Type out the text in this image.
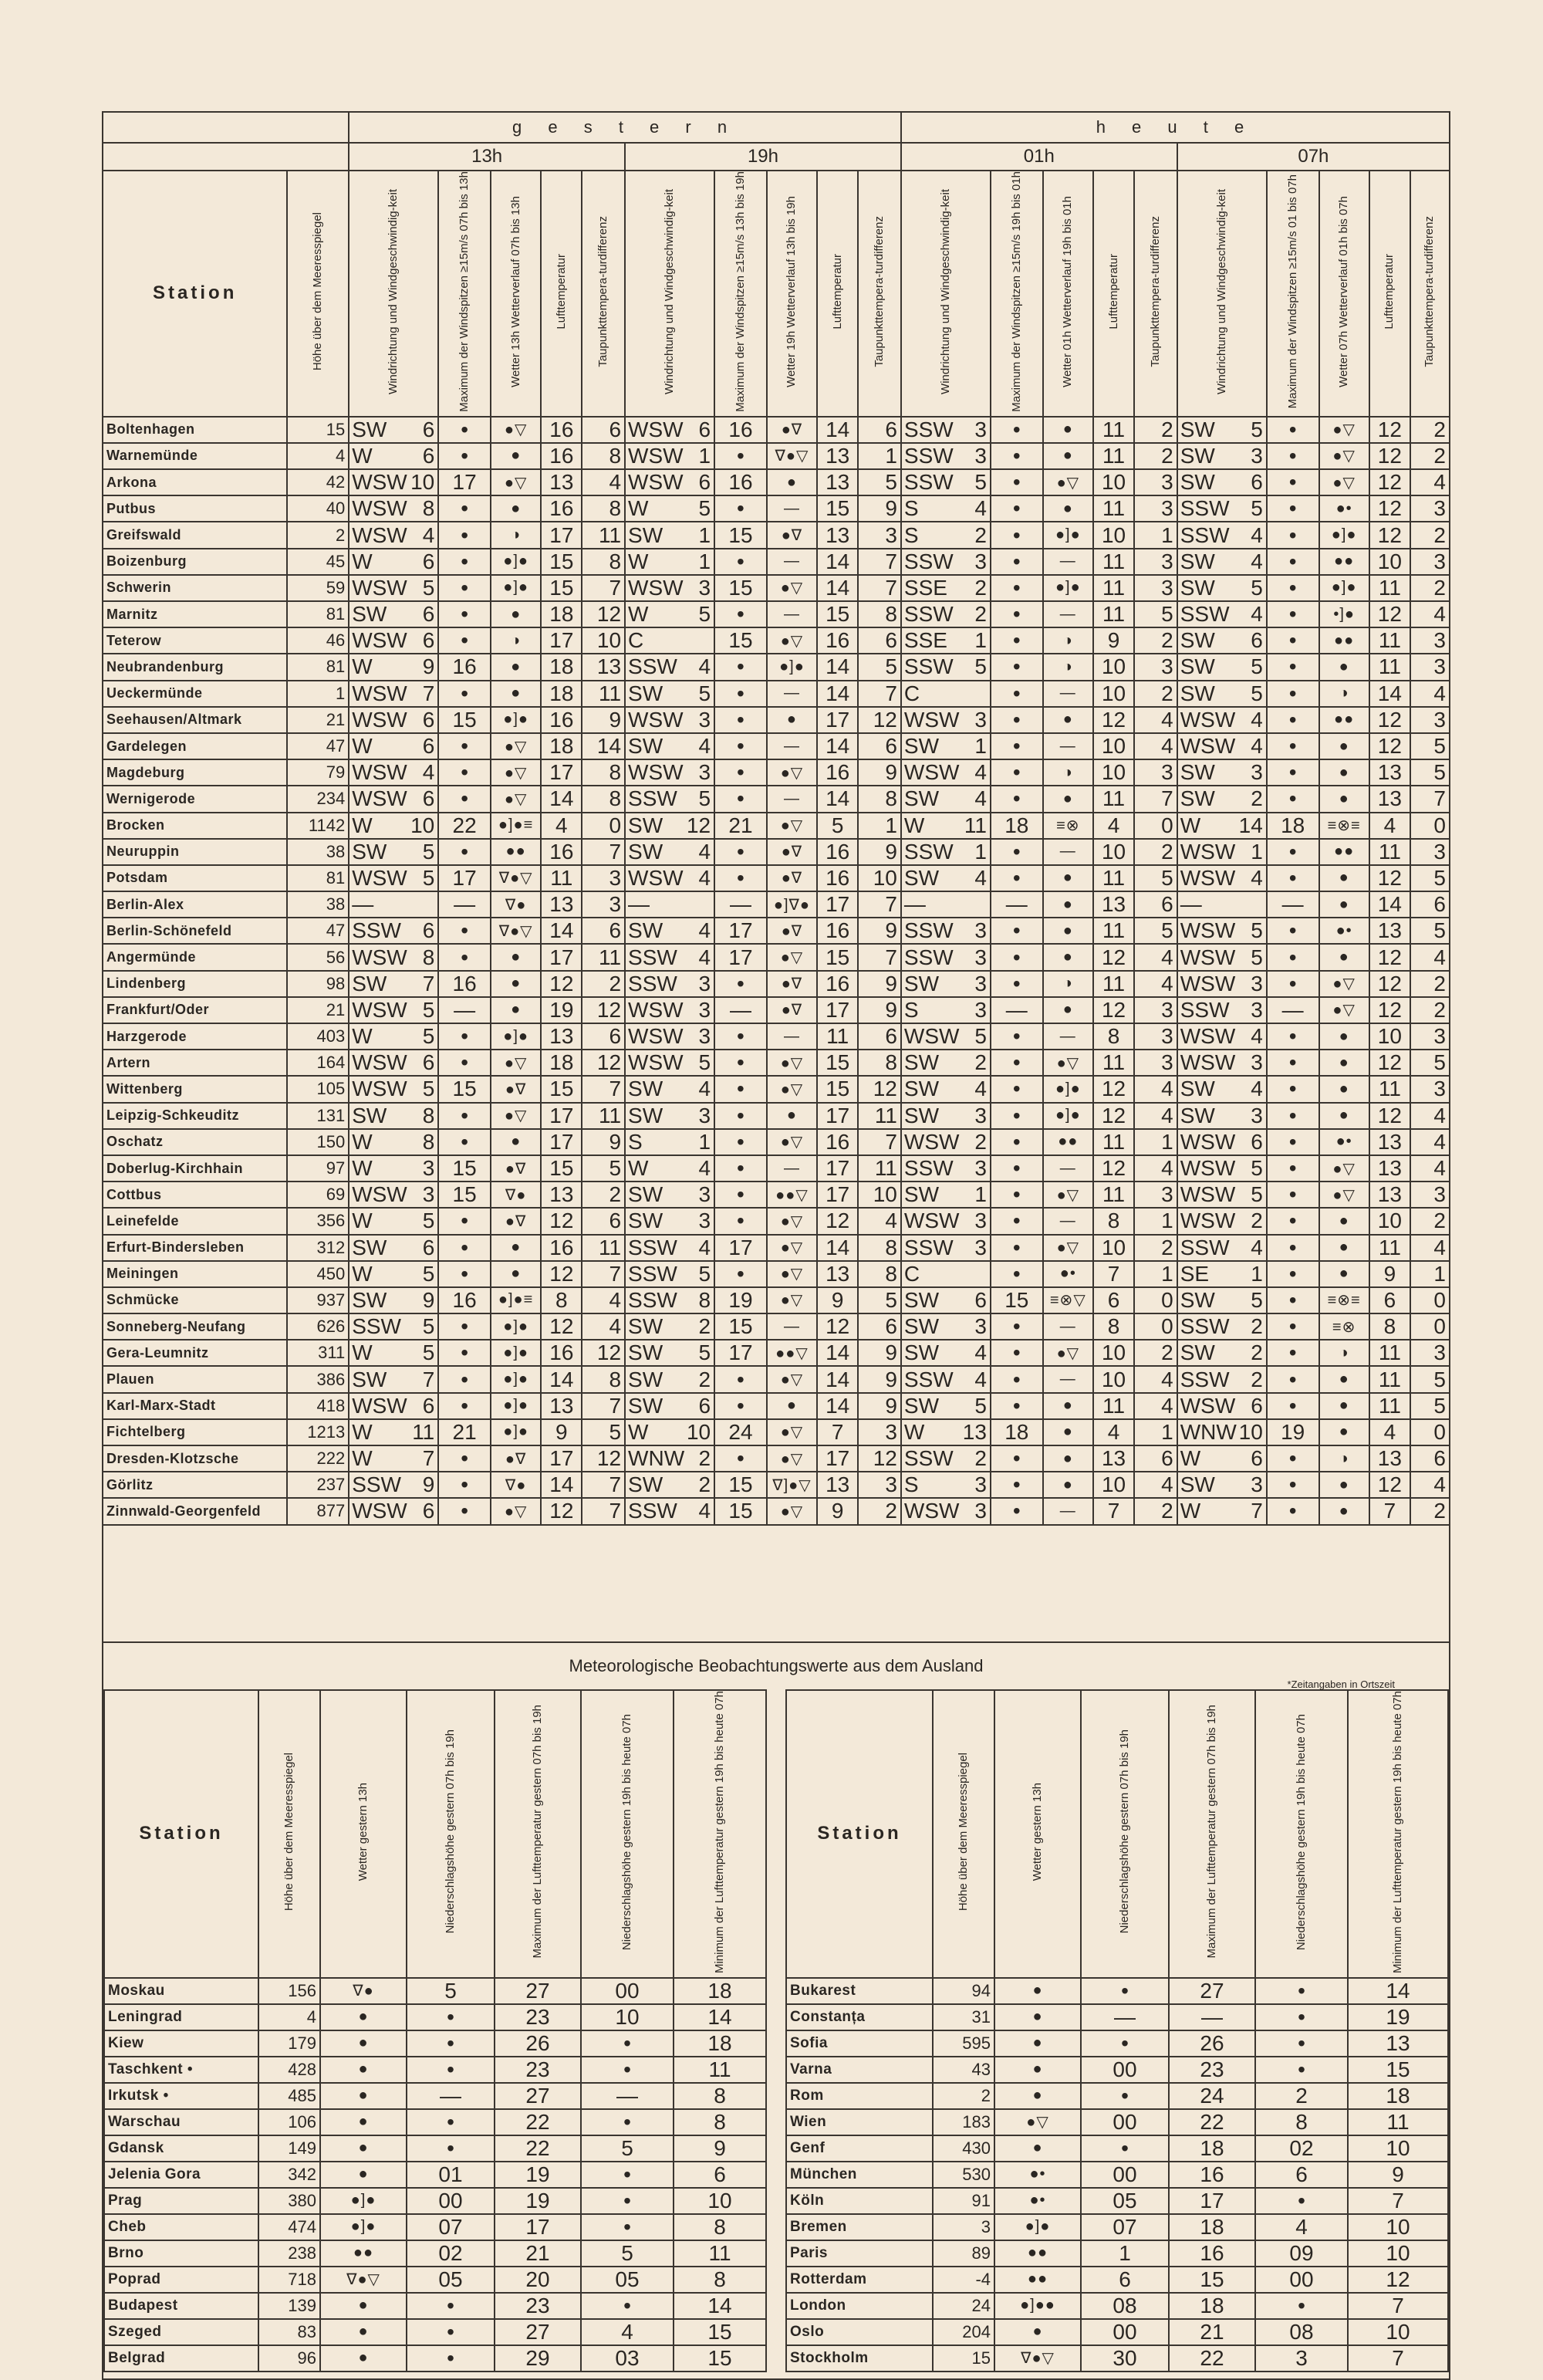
		g e s t e r n										h e u t e									
		13h					19h					01h					07h				
Station	Höhe über dem Meeresspiegel	Windrichtung und Windgeschwindig-keit	Maximum der Windspitzen ≥15m/s 07h bis 13h	Wetter 13h Wetterverlauf 07h bis 13h	Lufttemperatur	Taupunkttempera-turdifferenz	Windrichtung und Windgeschwindig-keit	Maximum der Windspitzen ≥15m/s 13h bis 19h	Wetter 19h Wetterverlauf 13h bis 19h	Lufttemperatur	Taupunkttempera-turdifferenz	Windrichtung und Windgeschwindig-keit	Maximum der Windspitzen ≥15m/s 19h bis 01h	Wetter 01h Wetterverlauf 19h bis 01h	Lufttemperatur	Taupunkttempera-turdifferenz	Windrichtung und Windgeschwindig-keit	Maximum der Windspitzen ≥15m/s 01 bis 07h	Wetter 07h Wetterverlauf 01h bis 07h	Lufttemperatur	Taupunkttempera-turdifferenz
Boltenhagen	15	SW 6	•	●▽	16	6	WSW 6	16	●∇	14	6	SSW 3	•	●	11	2	SW 5	•	●▽	12	2
Warnemünde	4	W 6	•	●	16	8	WSW 1	•	∇●▽	13	1	SSW 3	•	●	11	2	SW 3	•	●▽	12	2
Arkona	42	WSW 10	17	●▽	13	4	WSW 6	16	●	13	5	SSW 5	•	●▽	10	3	SW 6	•	●▽	12	4
Putbus	40	WSW 8	•	●	16	8	W 5	•	—	15	9	S 4	•	●	11	3	SSW 5	•	●•	12	3
Greifswald	2	WSW 4	•	◑	17	11	SW 1	15	●∇	13	3	S 2	•	●]●	10	1	SSW 4	•	●]●	12	2
Boizenburg	45	W 6	•	●]●	15	8	W 1	•	—	14	7	SSW 3	•	—	11	3	SW 4	•	●●	10	3
Schwerin	59	WSW 5	•	●]●	15	7	WSW 3	15	●▽	14	7	SSE 2	•	●]●	11	3	SW 5	•	●]●	11	2
Marnitz	81	SW 6	•	●	18	12	W 5	•	—	15	8	SSW 2	•	—	11	5	SSW 4	•	•]●	12	4
Teterow	46	WSW 6	•	◑	17	10	C	15	●▽	16	6	SSE 1	•	◑	9	2	SW 6	•	●●	11	3
Neubrandenburg	81	W 9	16	●	18	13	SSW 4	•	●]●	14	5	SSW 5	•	◑	10	3	SW 5	•	●	11	3
Ueckermünde	1	WSW 7	•	●	18	11	SW 5	•	—	14	7	C	•	—	10	2	SW 5	•	◑	14	4
Seehausen/Altmark	21	WSW 6	15	●]●	16	9	WSW 3	•	●	17	12	WSW 3	•	●	12	4	WSW 4	•	●●	12	3
Gardelegen	47	W 6	•	●▽	18	14	SW 4	•	—	14	6	SW 1	•	—	10	4	WSW 4	•	●	12	5
Magdeburg	79	WSW 4	•	●▽	17	8	WSW 3	•	●▽	16	9	WSW 4	•	◑	10	3	SW 3	•	●	13	5
Wernigerode	234	WSW 6	•	●▽	14	8	SSW 5	•	—	14	8	SW 4	•	●	11	7	SW 2	•	●	13	7
Brocken	1142	W 10	22	●]●≡	4	0	SW 12	21	●▽	5	1	W 11	18	≡⊗	4	0	W 14	18	≡⊗≡	4	0
Neuruppin	38	SW 5	•	●●	16	7	SW 4	•	●∇	16	9	SSW 1	•	—	10	2	WSW 1	•	●●	11	3
Potsdam	81	WSW 5	17	∇●▽	11	3	WSW 4	•	●∇	16	10	SW 4	•	●	11	5	WSW 4	•	●	12	5
Berlin-Alex	38	—	—	∇●	13	3	—	—	●]∇●	17	7	—	—	●	13	6	—	—	●	14	6
Berlin-Schönefeld	47	SSW 6	•	∇●▽	14	6	SW 4	17	●∇	16	9	SSW 3	•	●	11	5	WSW 5	•	●•	13	5
Angermünde	56	WSW 8	•	●	17	11	SSW 4	17	●▽	15	7	SSW 3	•	●	12	4	WSW 5	•	●	12	4
Lindenberg	98	SW 7	16	●	12	2	SSW 3	•	●∇	16	9	SW 3	•	◑	11	4	WSW 3	•	●▽	12	2
Frankfurt/Oder	21	WSW 5	—	●	19	12	WSW 3	—	●∇	17	9	S 3	—	●	12	3	SSW 3	—	●▽	12	2
Harzgerode	403	W 5	•	●]●	13	6	WSW 3	•	—	11	6	WSW 5	•	—	8	3	WSW 4	•	●	10	3
Artern	164	WSW 6	•	●▽	18	12	WSW 5	•	●▽	15	8	SW 2	•	●▽	11	3	WSW 3	•	●	12	5
Wittenberg	105	WSW 5	15	●∇	15	7	SW 4	•	●▽	15	12	SW 4	•	●]●	12	4	SW 4	•	●	11	3
Leipzig-Schkeuditz	131	SW 8	•	●▽	17	11	SW 3	•	●	17	11	SW 3	•	●]●	12	4	SW 3	•	●	12	4
Oschatz	150	W 8	•	●	17	9	S 1	•	●▽	16	7	WSW 2	•	●●	11	1	WSW 6	•	●•	13	4
Doberlug-Kirchhain	97	W 3	15	●∇	15	5	W 4	•	—	17	11	SSW 3	•	—	12	4	WSW 5	•	●▽	13	4
Cottbus	69	WSW 3	15	∇●	13	2	SW 3	•	●●▽	17	10	SW 1	•	●▽	11	3	WSW 5	•	●▽	13	3
Leinefelde	356	W 5	•	●∇	12	6	SW 3	•	●▽	12	4	WSW 3	•	—	8	1	WSW 2	•	●	10	2
Erfurt-Bindersleben	312	SW 6	•	●	16	11	SSW 4	17	●▽	14	8	SSW 3	•	●▽	10	2	SSW 4	•	●	11	4
Meiningen	450	W 5	•	●	12	7	SSW 5	•	●▽	13	8	C	•	●•	7	1	SE 1	•	●	9	1
Schmücke	937	SW 9	16	●]●≡	8	4	SSW 8	19	●▽	9	5	SW 6	15	≡⊗▽	6	0	SW 5	•	≡⊗≡	6	0
Sonneberg-Neufang	626	SSW 5	•	●]●	12	4	SW 2	15	—	12	6	SW 3	•	—	8	0	SSW 2	•	≡⊗	8	0
Gera-Leumnitz	311	W 5	•	●]●	16	12	SW 5	17	●●▽	14	9	SW 4	•	●▽	10	2	SW 2	•	◑	11	3
Plauen	386	SW 7	•	●]●	14	8	SW 2	•	●▽	14	9	SSW 4	•	—	10	4	SSW 2	•	●	11	5
Karl-Marx-Stadt	418	WSW 6	•	●]●	13	7	SW 6	•	●	14	9	SW 5	•	●	11	4	WSW 6	•	●	11	5
Fichtelberg	1213	W 11	21	●]●	9	5	W 10	24	●▽	7	3	W 13	18	●	4	1	WNW 10	19	●	4	0
Dresden-Klotzsche	222	W 7	•	●∇	17	12	WNW 2	•	●▽	17	12	SSW 2	•	●	13	6	W 6	•	◑	13	6
Görlitz	237	SSW 9	•	∇●	14	7	SW 2	15	∇]●▽	13	3	S 3	•	●	10	4	SW 3	•	●	12	4
Zinnwald-Georgenfeld	877	WSW 6	•	●▽	12	7	SSW 4	15	●▽	9	2	WSW 3	•	—	7	2	W 7	•	●	7	2
Meteorologische Beobachtungswerte aus dem Ausland
*Zeitangaben in Ortszeit
Station	Höhe über dem Meeresspiegel	Wetter gestern 13h	Niederschlagshöhe gestern 07h bis 19h	Maximum der Lufttemperatur gestern 07h bis 19h	Niederschlagshöhe gestern 19h bis heute 07h	Minimum der Lufttemperatur gestern 19h bis heute 07h
Moskau	156	∇●	5	27	00	18
Leningrad	4	●	•	23	10	14
Kiew	179	●	•	26	•	18
Taschkent •	428	●	•	23	•	11
Irkutsk •	485	●	—	27	—	8
Warschau	106	●	•	22	•	8
Gdansk	149	●	•	22	5	9
Jelenia Gora	342	●	01	19	•	6
Prag	380	●]●	00	19	•	10
Cheb	474	●]●	07	17	•	8
Brno	238	●●	02	21	5	11
Poprad	718	∇●▽	05	20	05	8
Budapest	139	●	•	23	•	14
Szeged	83	●	•	27	4	15
Belgrad	96	●	•	29	03	15
Station	Höhe über dem Meeresspiegel	Wetter gestern 13h	Niederschlagshöhe gestern 07h bis 19h	Maximum der Lufttemperatur gestern 07h bis 19h	Niederschlagshöhe gestern 19h bis heute 07h	Minimum der Lufttemperatur gestern 19h bis heute 07h
Bukarest	94	●	•	27	•	14
Constanța	31	●	—	—	•	19
Sofia	595	●	•	26	•	13
Varna	43	●	00	23	•	15
Rom	2	●	•	24	2	18
Wien	183	●▽	00	22	8	11
Genf	430	●	•	18	02	10
München	530	●•	00	16	6	9
Köln	91	●•	05	17	•	7
Bremen	3	●]●	07	18	4	10
Paris	89	●●	1	16	09	10
Rotterdam	-4	●●	6	15	00	12
London	24	●]●●	08	18	•	7
Oslo	204	●	00	21	08	10
Stockholm	15	∇●▽	30	22	3	7
